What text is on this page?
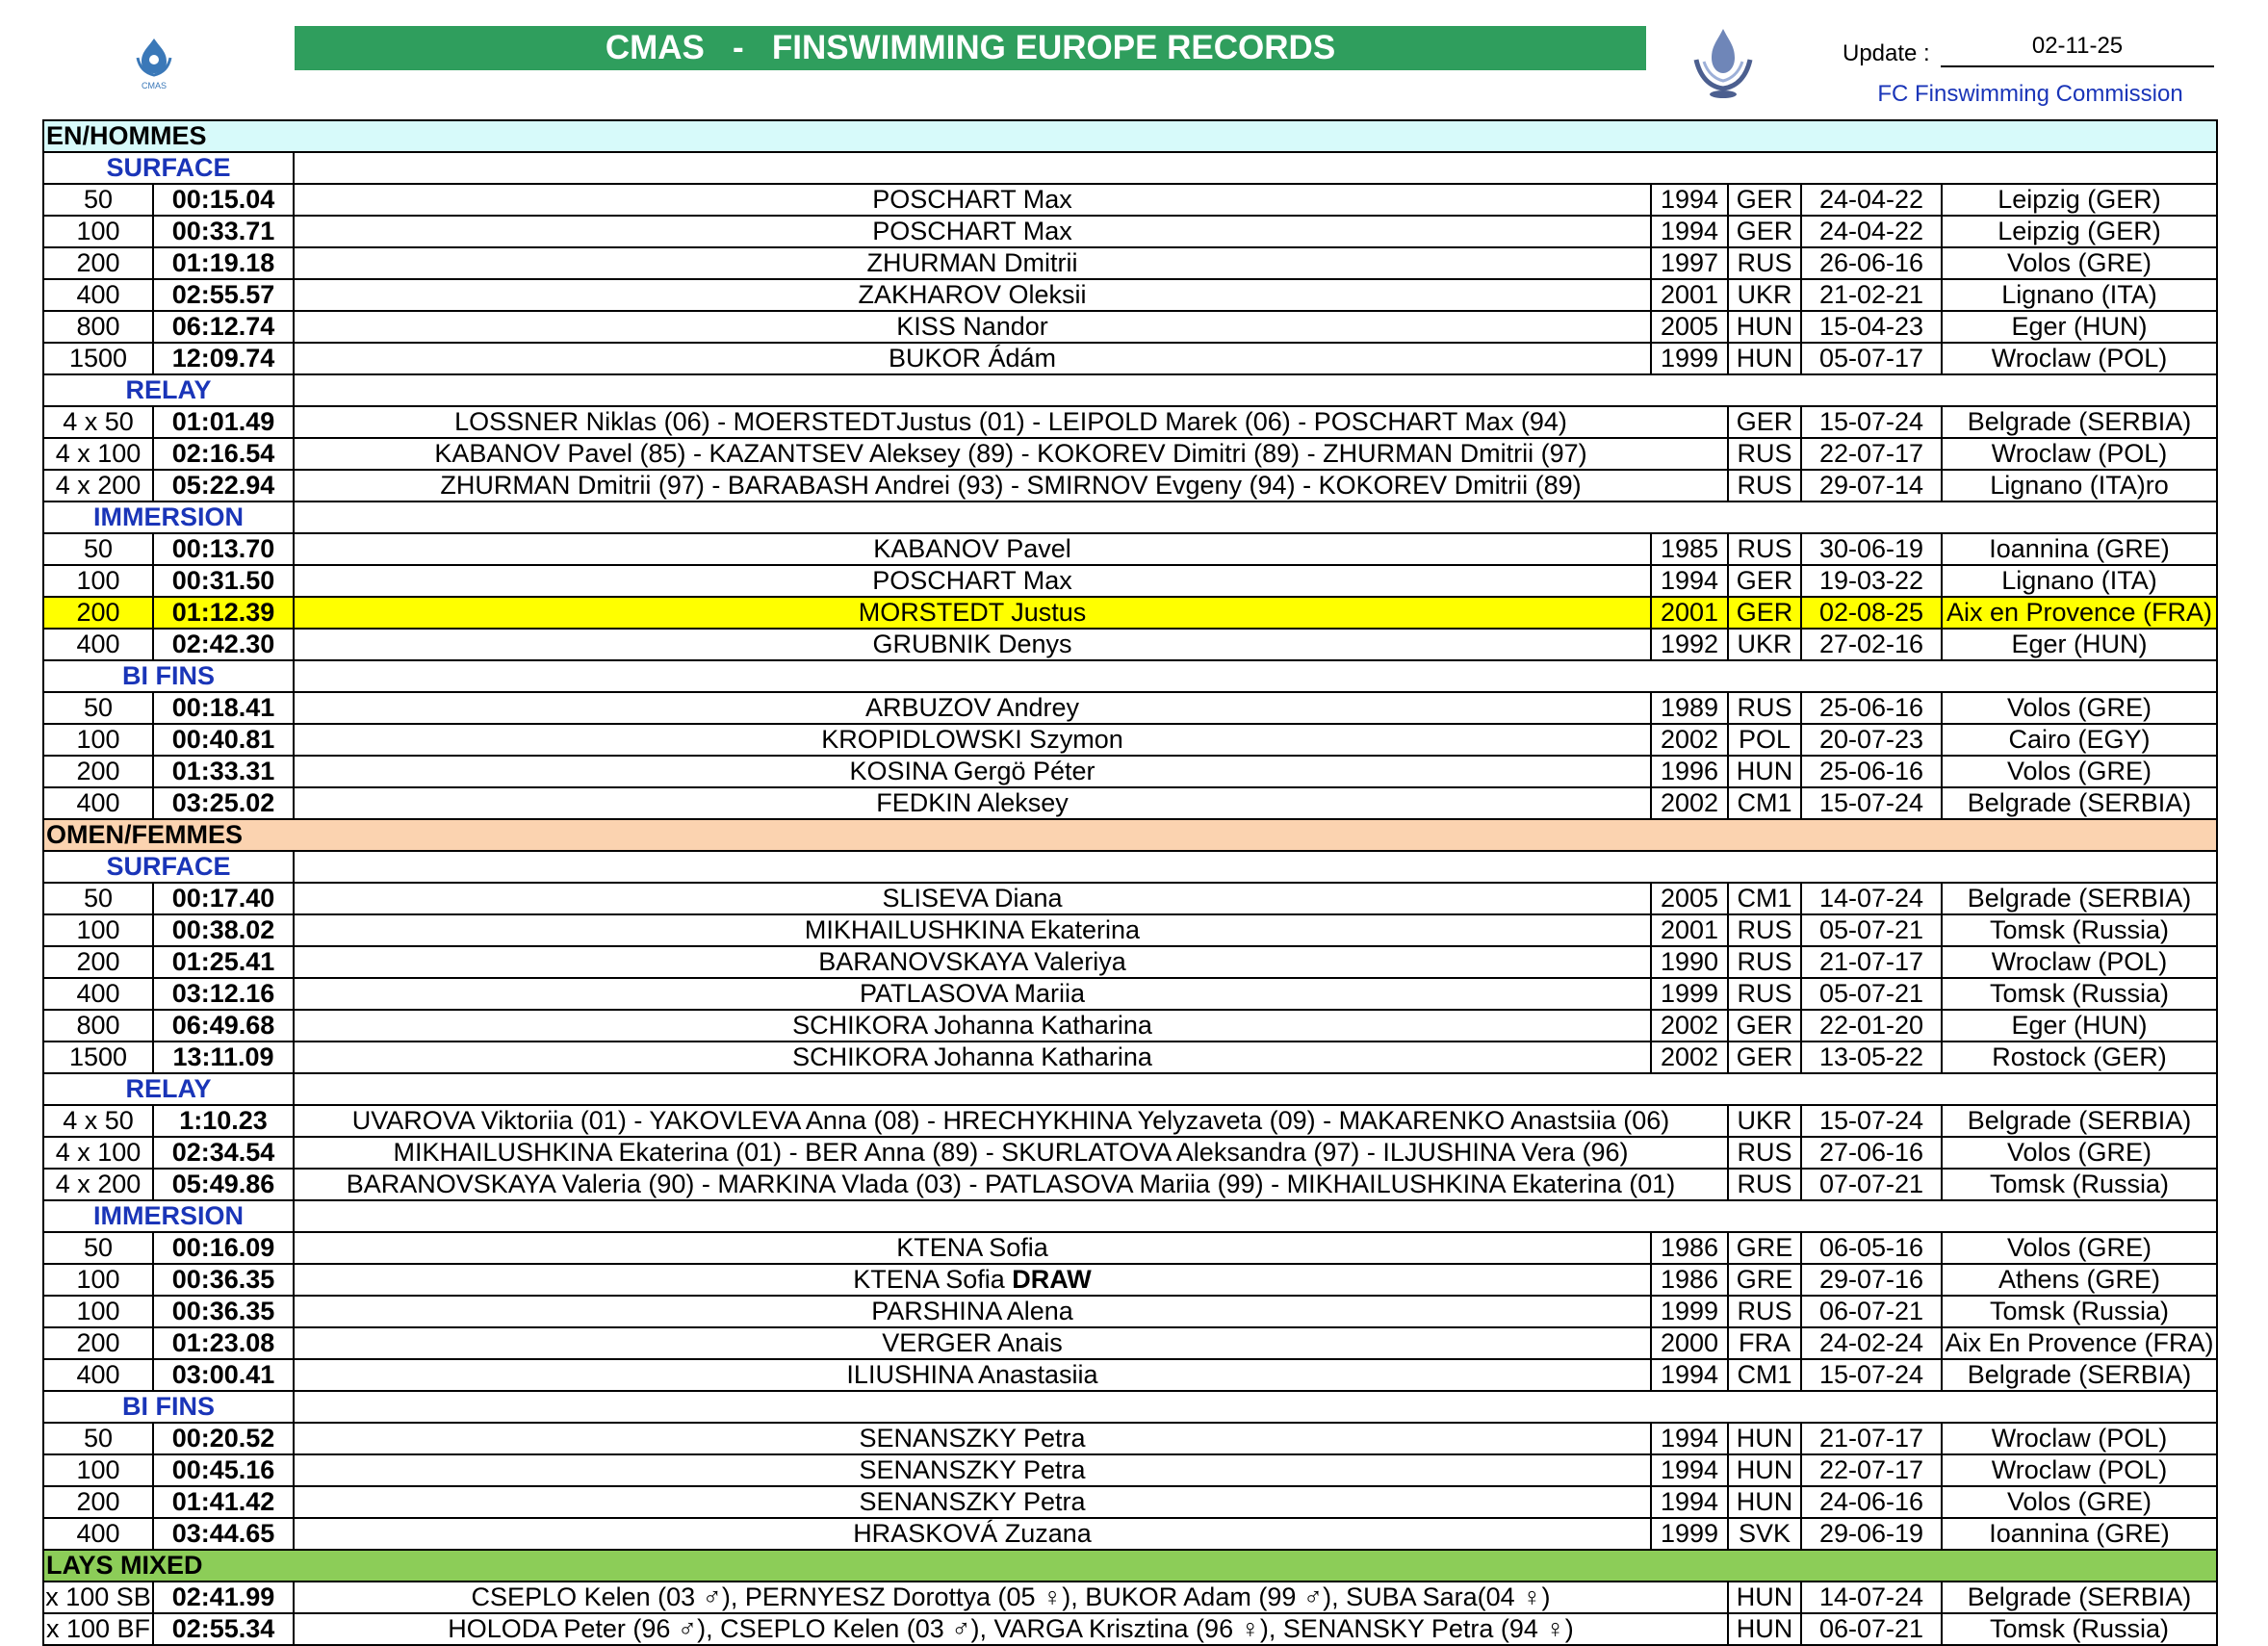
CMAS   -   FINSWIMMING EUROPE RECORDS
CMAS
Update :	02-11-25
FC Finswimming Commission
EN/HOMMES						
SURFACE						
50	00:15.04	POSCHART Max	1994	GER	24-04-22	Leipzig (GER)
100	00:33.71	POSCHART Max	1994	GER	24-04-22	Leipzig (GER)
200	01:19.18	ZHURMAN Dmitrii	1997	RUS	26-06-16	Volos (GRE)
400	02:55.57	ZAKHAROV Oleksii	2001	UKR	21-02-21	Lignano (ITA)
800	06:12.74	KISS Nandor	2005	HUN	15-04-23	Eger (HUN)
1500	12:09.74	BUKOR Ádám	1999	HUN	05-07-17	Wroclaw (POL)
RELAY						
4 x 50	01:01.49	LOSSNER Niklas (06) - MOERSTEDTJustus (01) - LEIPOLD Marek (06) - POSCHART Max (94)		GER	15-07-24	Belgrade (SERBIA)
4 x 100	02:16.54	KABANOV Pavel (85) - KAZANTSEV Aleksey (89) - KOKOREV Dimitri (89) - ZHURMAN Dmitrii (97)		RUS	22-07-17	Wroclaw (POL)
4 x 200	05:22.94	ZHURMAN Dmitrii (97) - BARABASH Andrei (93) - SMIRNOV Evgeny (94) - KOKOREV Dmitrii (89)		RUS	29-07-14	Lignano (ITA)ro
IMMERSION						
50	00:13.70	KABANOV Pavel	1985	RUS	30-06-19	Ioannina (GRE)
100	00:31.50	POSCHART Max	1994	GER	19-03-22	Lignano (ITA)
200	01:12.39	MORSTEDT Justus	2001	GER	02-08-25	Aix en Provence (FRA)
400	02:42.30	GRUBNIK Denys	1992	UKR	27-02-16	Eger (HUN)
BI FINS						
50	00:18.41	ARBUZOV Andrey	1989	RUS	25-06-16	Volos (GRE)
100	00:40.81	KROPIDLOWSKI Szymon	2002	POL	20-07-23	Cairo (EGY)
200	01:33.31	KOSINA Gergö Péter	1996	HUN	25-06-16	Volos (GRE)
400	03:25.02	FEDKIN Aleksey	2002	CM1	15-07-24	Belgrade (SERBIA)
OMEN/FEMMES						
SURFACE						
50	00:17.40	SLISEVA Diana	2005	CM1	14-07-24	Belgrade (SERBIA)
100	00:38.02	MIKHAILUSHKINA Ekaterina	2001	RUS	05-07-21	Tomsk (Russia)
200	01:25.41	BARANOVSKAYA Valeriya	1990	RUS	21-07-17	Wroclaw (POL)
400	03:12.16	PATLASOVA Mariia	1999	RUS	05-07-21	Tomsk (Russia)
800	06:49.68	SCHIKORA Johanna Katharina	2002	GER	22-01-20	Eger (HUN)
1500	13:11.09	SCHIKORA Johanna Katharina	2002	GER	13-05-22	Rostock (GER)
RELAY						
4 x 50	1:10.23	UVAROVA Viktoriia (01) - YAKOVLEVA Anna (08) - HRECHYKHINA Yelyzaveta (09) - MAKARENKO Anastsiia (06)		UKR	15-07-24	Belgrade (SERBIA)
4 x 100	02:34.54	MIKHAILUSHKINA Ekaterina (01) - BER Anna (89) - SKURLATOVA Aleksandra (97) - ILJUSHINA Vera (96)		RUS	27-06-16	Volos (GRE)
4 x 200	05:49.86	BARANOVSKAYA Valeria (90) - MARKINA Vlada (03) - PATLASOVA Mariia (99) - MIKHAILUSHKINA Ekaterina (01)		RUS	07-07-21	Tomsk (Russia)
IMMERSION						
50	00:16.09	KTENA Sofia	1986	GRE	06-05-16	Volos (GRE)
100	00:36.35	KTENA Sofia DRAW	1986	GRE	29-07-16	Athens (GRE)
100	00:36.35	PARSHINA Alena	1999	RUS	06-07-21	Tomsk (Russia)
200	01:23.08	VERGER Anais	2000	FRA	24-02-24	Aix En Provence (FRA)
400	03:00.41	ILIUSHINA Anastasiia	1994	CM1	15-07-24	Belgrade (SERBIA)
BI FINS						
50	00:20.52	SENANSZKY Petra	1994	HUN	21-07-17	Wroclaw (POL)
100	00:45.16	SENANSZKY Petra	1994	HUN	22-07-17	Wroclaw (POL)
200	01:41.42	SENANSZKY Petra	1994	HUN	24-06-16	Volos (GRE)
400	03:44.65	HRASKOVÁ Zuzana	1999	SVK	29-06-19	Ioannina (GRE)
LAYS MIXED						
x 100 SB	02:41.99	CSEPLO Kelen (03 ♂), PERNYESZ Dorottya (05 ♀), BUKOR Adam (99 ♂), SUBA Sara(04 ♀)		HUN	14-07-24	Belgrade (SERBIA)
x 100 BF	02:55.34	HOLODA Peter (96 ♂), CSEPLO Kelen (03 ♂), VARGA Krisztina (96 ♀), SENANSKY Petra (94 ♀)		HUN	06-07-21	Tomsk (Russia)
